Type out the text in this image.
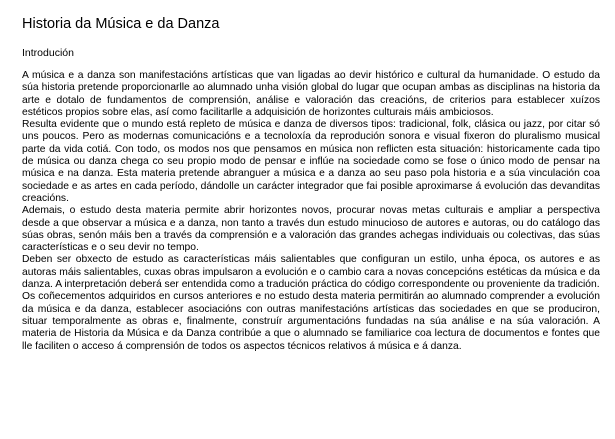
Historia da Música e da Danza
Introdución

A música e a danza son manifestacións artísticas que van ligadas ao devir histórico e cultural da humanidade. O estudo da súa historia pretende proporcionarlle ao alumnado unha visión global do lugar que ocupan ambas as disciplinas na historia da arte e dotalo de fundamentos de comprensión, análise e valoración das creacións, de criterios para establecer xuízos estéticos propios sobre elas, así como facilitarlle a adquisición de horizontes culturais máis ambiciosos.

Resulta evidente que o mundo está repleto de música e danza de diversos tipos: tradicional, folk, clásica ou jazz, por citar só uns poucos. Pero as modernas comunicacións e a tecnoloxía da reprodución sonora e visual fixeron do pluralismo musical parte da vida cotiá. Con todo, os modos nos que pensamos en música non reflicten esta situación: historicamente cada tipo de música ou danza chega co seu propio modo de pensar e inflúe na sociedade como se fose o único modo de pensar na música e na danza. Esta materia pretende abranguer a música e a danza ao seu paso pola historia e a súa vinculación coa sociedade e as artes en cada período, dándolle un carácter integrador que fai posible aproximarse á evolución das devanditas creacións.

Ademais, o estudo desta materia permite abrir horizontes novos, procurar novas metas culturais e ampliar a perspectiva desde a que observar a música e a danza, non tanto a través dun estudo minucioso de autores e autoras, ou do catálogo das súas obras, senón máis ben a través da comprensión e a valoración das grandes achegas individuais ou colectivas, das súas características e o seu devir no tempo.

Deben ser obxecto de estudo as características máis salientables que configuran un estilo, unha época, os autores e as autoras máis salientables, cuxas obras impulsaron a evolución e o cambio cara a novas concepcións estéticas da música e da danza. A interpretación deberá ser entendida como a tradución práctica do código correspondente ou proveniente da tradición.

Os coñecementos adquiridos en cursos anteriores e no estudo desta materia permitirán ao alumnado comprender a evolución da música e da danza, establecer asociacións con outras manifestacións artísticas das sociedades en que se produciron, situar temporalmente as obras e, finalmente, construír argumentacións fundadas na súa análise e na súa valoración. A materia de Historia da Música e da Danza contribúe a que o alumnado se familiarice coa lectura de documentos e fontes que lle faciliten o acceso á comprensión de todos os aspectos técnicos relativos á música e á danza.
